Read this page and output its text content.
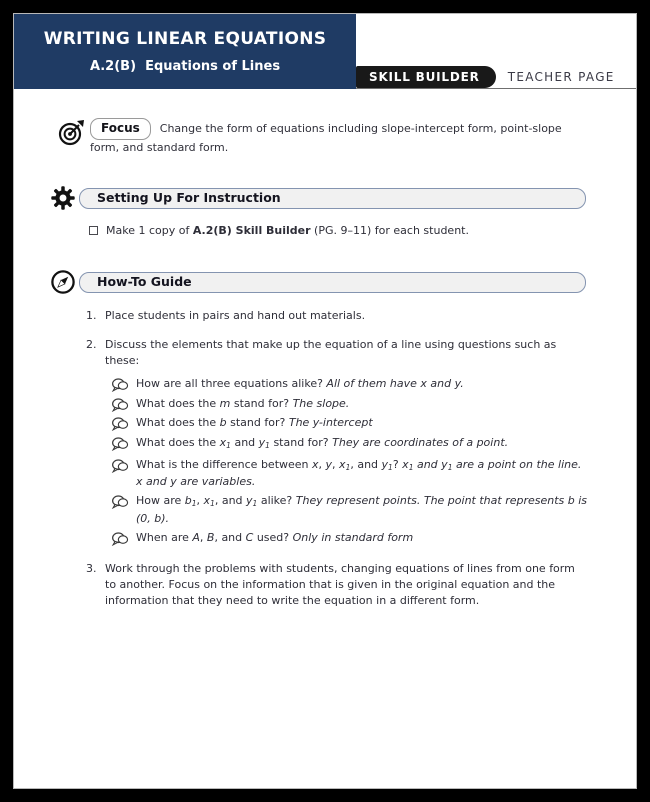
WRITING LINEAR EQUATIONS
A.2(B)  Equations of Lines
SKILL BUILDER	TEACHER PAGE
Focus Change the form of equations including slope-intercept form, point-slope form, and standard form.
Setting Up For Instruction
Make 1 copy of A.2(B) Skill Builder (PG. 9–11) for each student.
How-To Guide
1. Place students in pairs and hand out materials.
2. Discuss the elements that make up the equation of a line using questions such as these:
How are all three equations alike? All of them have x and y.
What does the m stand for? The slope.
What does the b stand for? The y-intercept
What does the x1 and y1 stand for? They are coordinates of a point.
What is the difference between x, y, x1, and y1? x1 and y1 are a point on the line. x and y are variables.
How are b1, x1, and y1 alike? They represent points. The point that represents b is (0, b).
When are A, B, and C used? Only in standard form
3. Work through the problems with students, changing equations of lines from one form to another. Focus on the information that is given in the original equation and the information that they need to write the equation in a different form.
